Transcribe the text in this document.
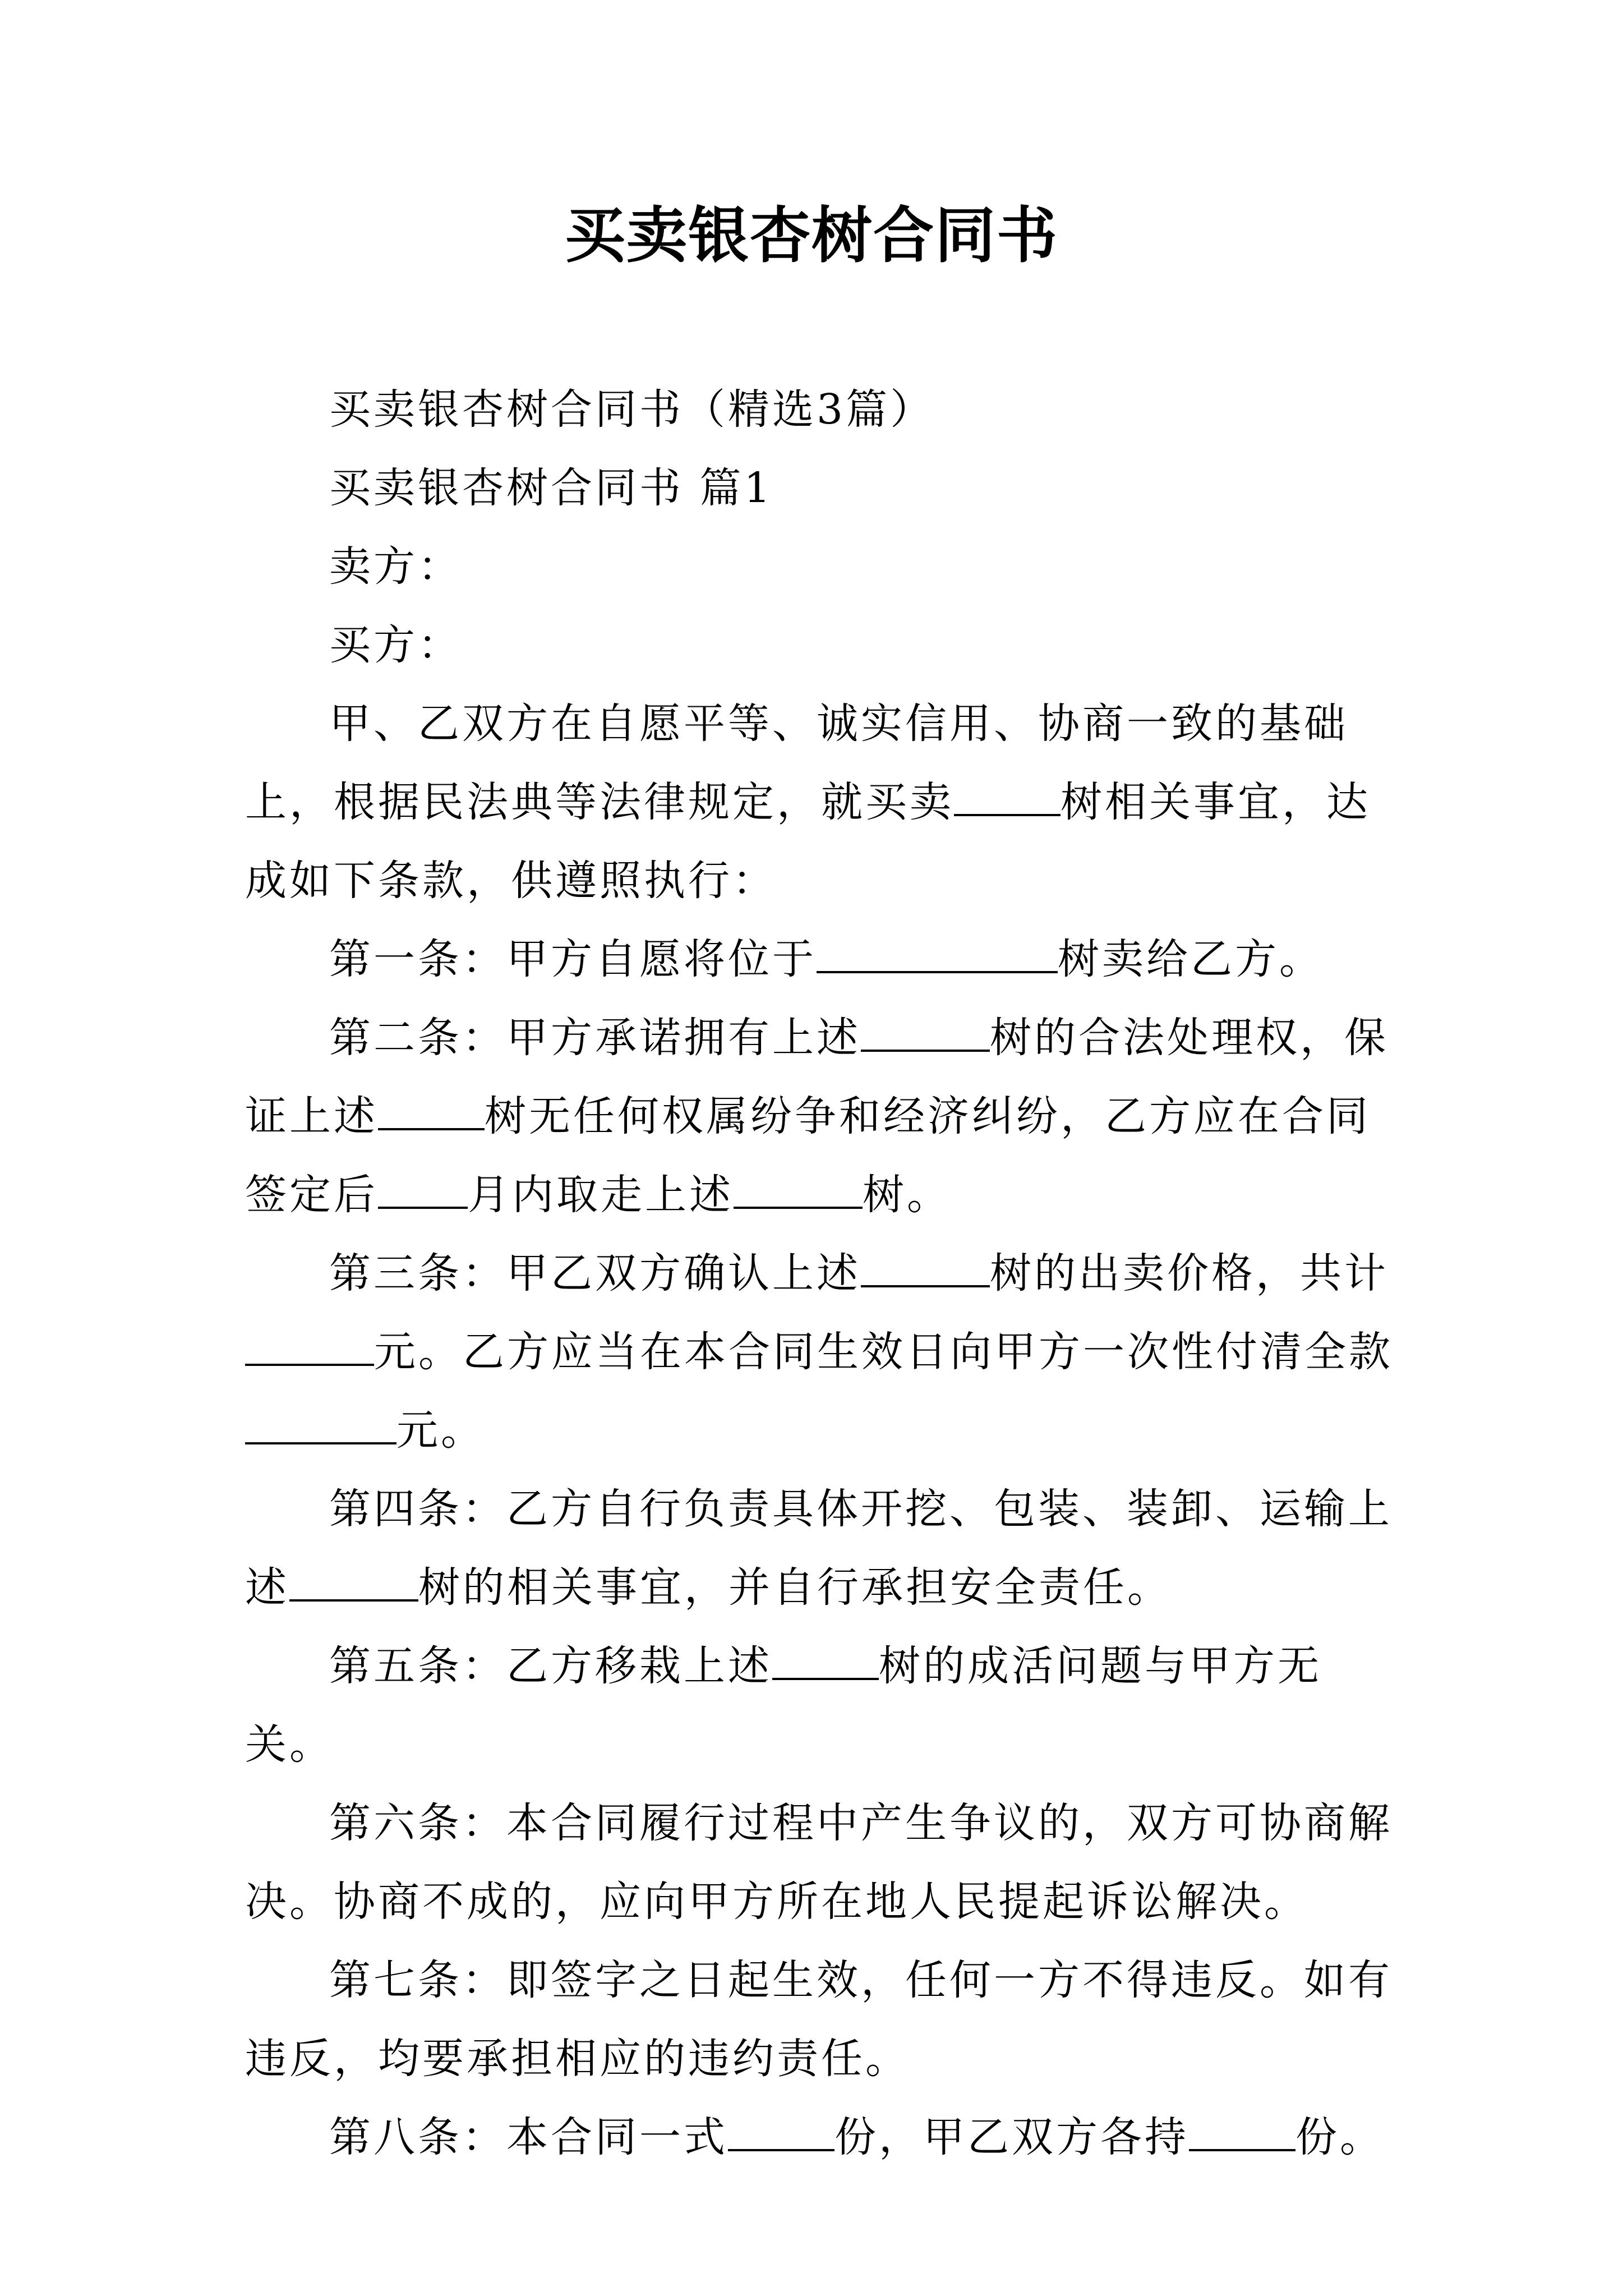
买卖银杏树合同书

买卖银杏树合同书（精选3篇）

买卖银杏树合同书 篇1

卖方：

买方：

甲、乙双方在自愿平等、诚实信用、协商一致的基础上，根据民法典等法律规定，就买卖	树相关事宜，达成如下条款，供遵照执行：

第一条：甲方自愿将位于	树卖给乙方。

第二条：甲方承诺拥有上述	树的合法处理权，保证上述	树无任何权属纷争和经济纠纷，乙方应在合同签定后 月内取走上述	树。

第三条：甲乙双方确认上述	树的出卖价格，共计元。乙方应当在本合同生效日向甲方一次性付清全款元。

第四条：乙方自行负责具体开挖、包装、装卸、运输上述	树的相关事宜，并自行承担安全责任。

第五条：乙方移栽上述	树的成活问题与甲方无关。

第六条：本合同履行过程中产生争议的，双方可协商解决。协商不成的，应向甲方所在地人民提起诉讼解决。

第七条：即签字之日起生效，任何一方不得违反。如有违反，均要承担相应的违约责任。

第八条：本合同一式	份，甲乙双方各持	份。
